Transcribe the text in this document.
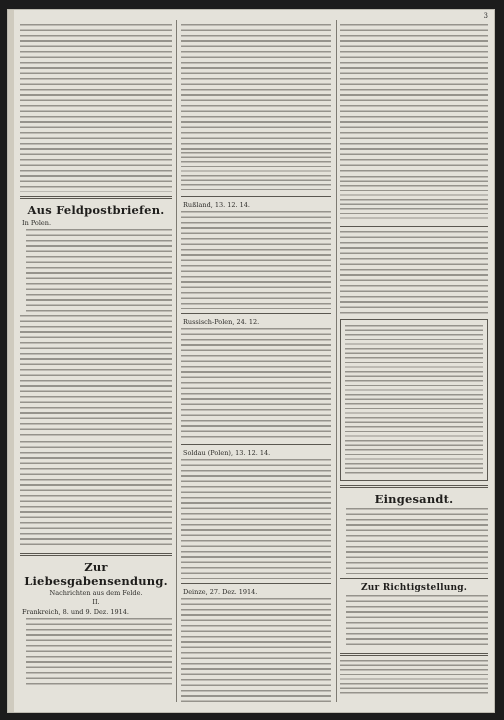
3
Aus Feldpostbriefen.
In Polen.
Zur Liebesgabensendung.
Nachrichten aus dem Felde.
II.
Frankreich, 8. und 9. Dez. 1914.
Rußland, 13. 12. 14.
Russisch-Polen, 24. 12.
Soldau (Polen), 13. 12. 14.
Deinze, 27. Dez. 1914.
Eingesandt.
Zur Richtigstellung.
